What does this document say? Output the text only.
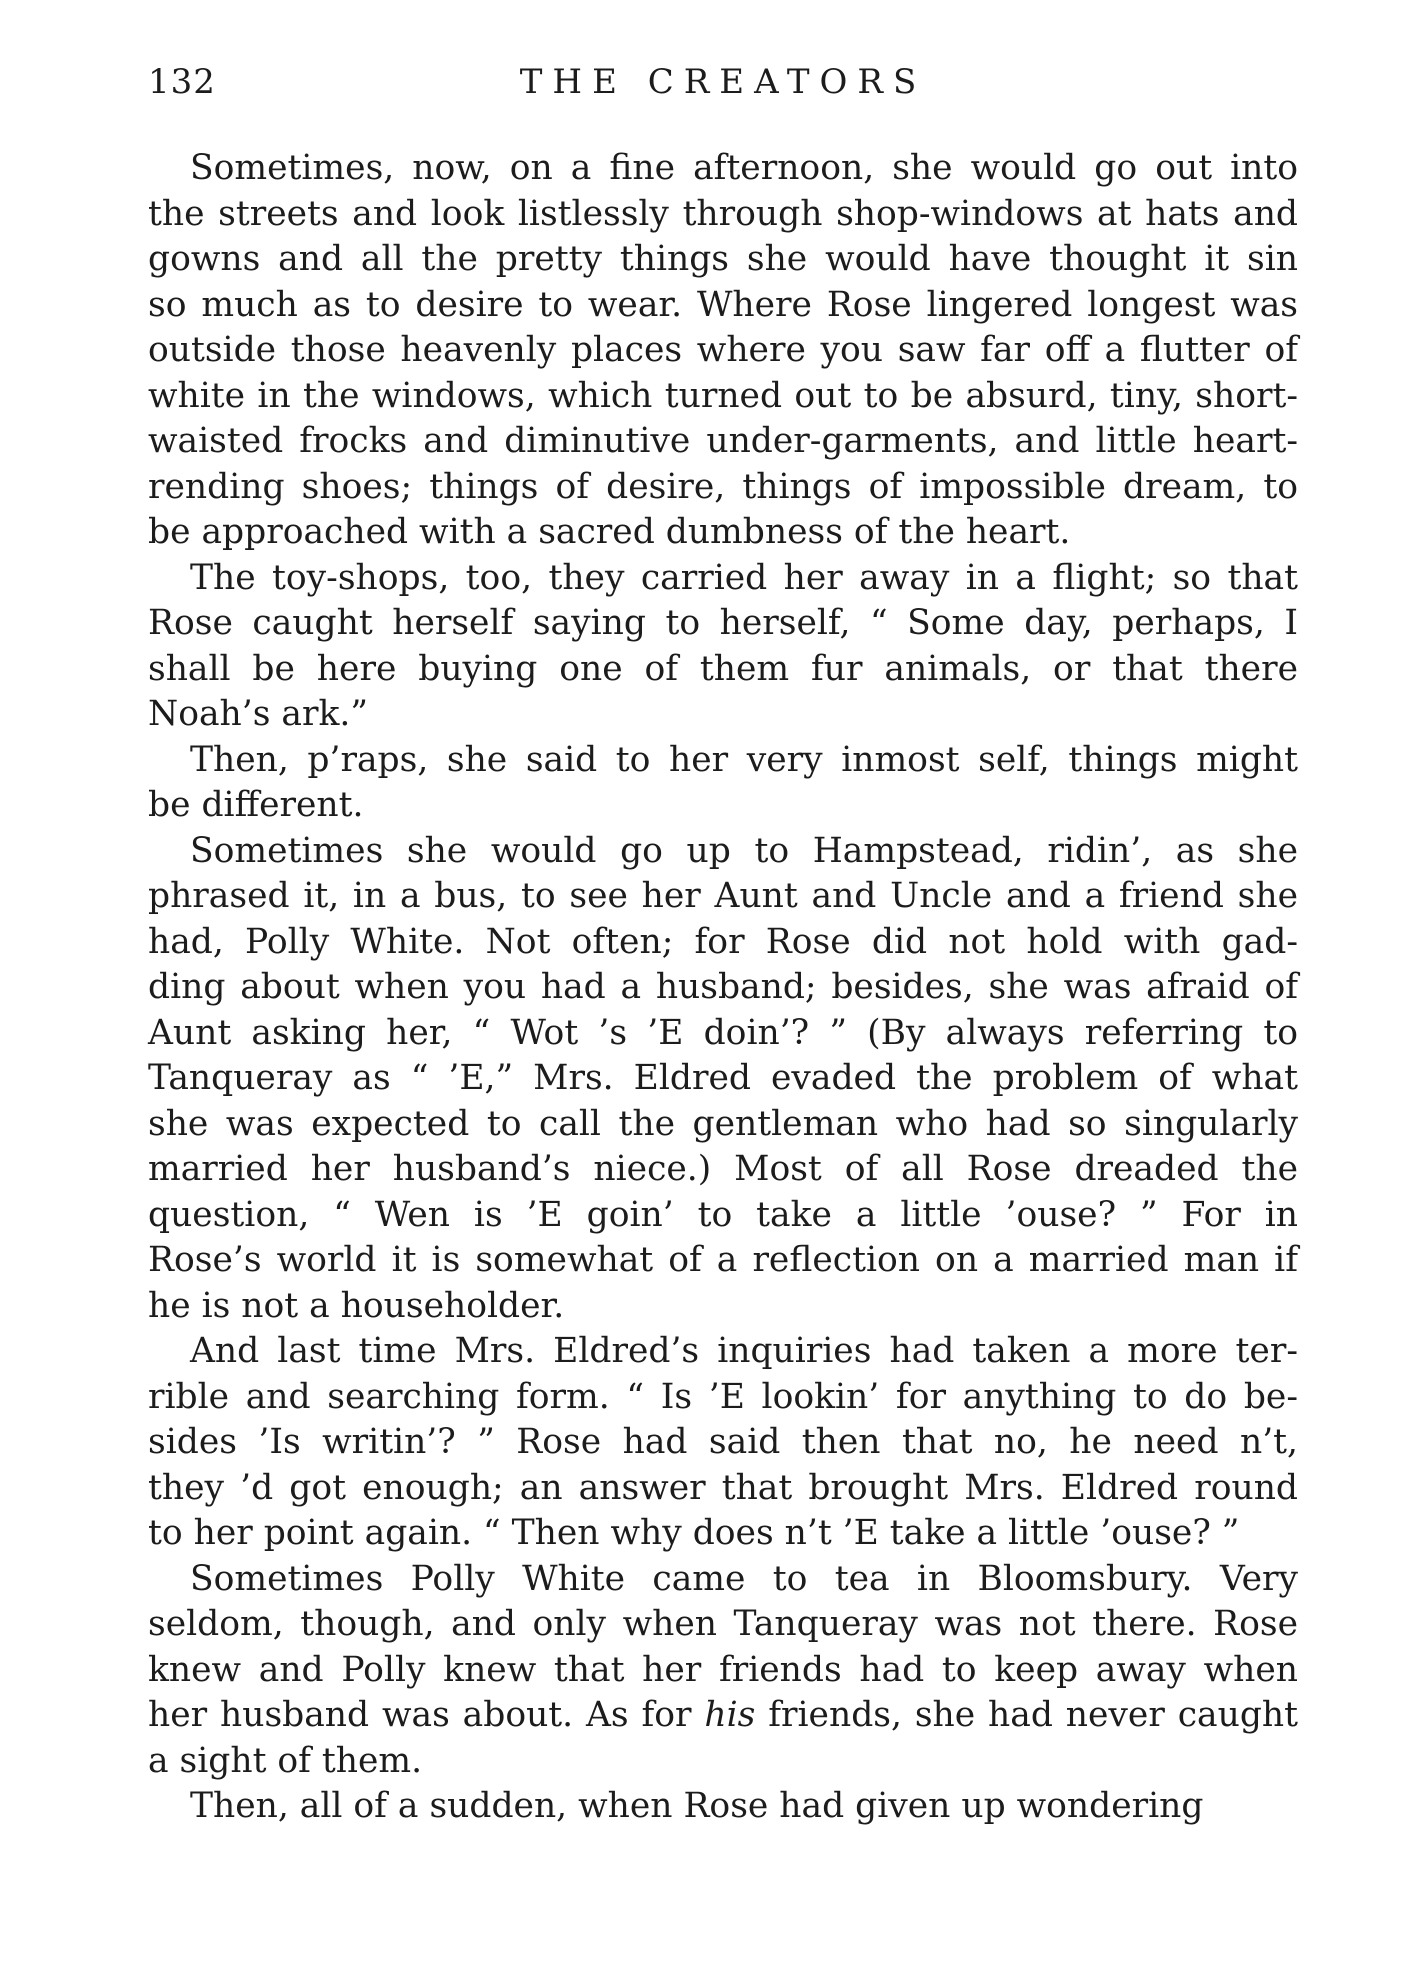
132	THE CREATORS
Sometimes, now, on a fine afternoon, she would go out into
the streets and look listlessly through shop-windows at hats and
gowns and all the pretty things she would have thought it sin
so much as to desire to wear. Where Rose lingered longest was
outside those heavenly places where you saw far off a flutter of
white in the windows, which turned out to be absurd, tiny, short-
waisted frocks and diminutive under-garments, and little heart-
rending shoes; things of desire, things of impossible dream, to
be approached with a sacred dumbness of the heart.
The toy-shops, too, they carried her away in a flight; so that
Rose caught herself saying to herself, “ Some day, perhaps, I
shall be here buying one of them fur animals, or that there
Noah’s ark.”
Then, p’raps, she said to her very inmost self, things might
be different.
Sometimes she would go up to Hampstead, ridin’, as she
phrased it, in a bus, to see her Aunt and Uncle and a friend she
had, Polly White. Not often; for Rose did not hold with gad-
ding about when you had a husband; besides, she was afraid of
Aunt asking her, “ Wot ’s ’E doin’? ” (By always referring to
Tanqueray as “ ’E,” Mrs. Eldred evaded the problem of what
she was expected to call the gentleman who had so singularly
married her husband’s niece.) Most of all Rose dreaded the
question, “ Wen is ’E goin’ to take a little ’ouse? ” For in
Rose’s world it is somewhat of a reflection on a married man if
he is not a householder.
And last time Mrs. Eldred’s inquiries had taken a more ter-
rible and searching form. “ Is ’E lookin’ for anything to do be-
sides ’Is writin’? ” Rose had said then that no, he need n’t,
they ’d got enough; an answer that brought Mrs. Eldred round
to her point again. “ Then why does n’t ’E take a little ’ouse? ”
Sometimes Polly White came to tea in Bloomsbury. Very
seldom, though, and only when Tanqueray was not there. Rose
knew and Polly knew that her friends had to keep away when
her husband was about. As for his friends, she had never caught
a sight of them.
Then, all of a sudden, when Rose had given up wondering
